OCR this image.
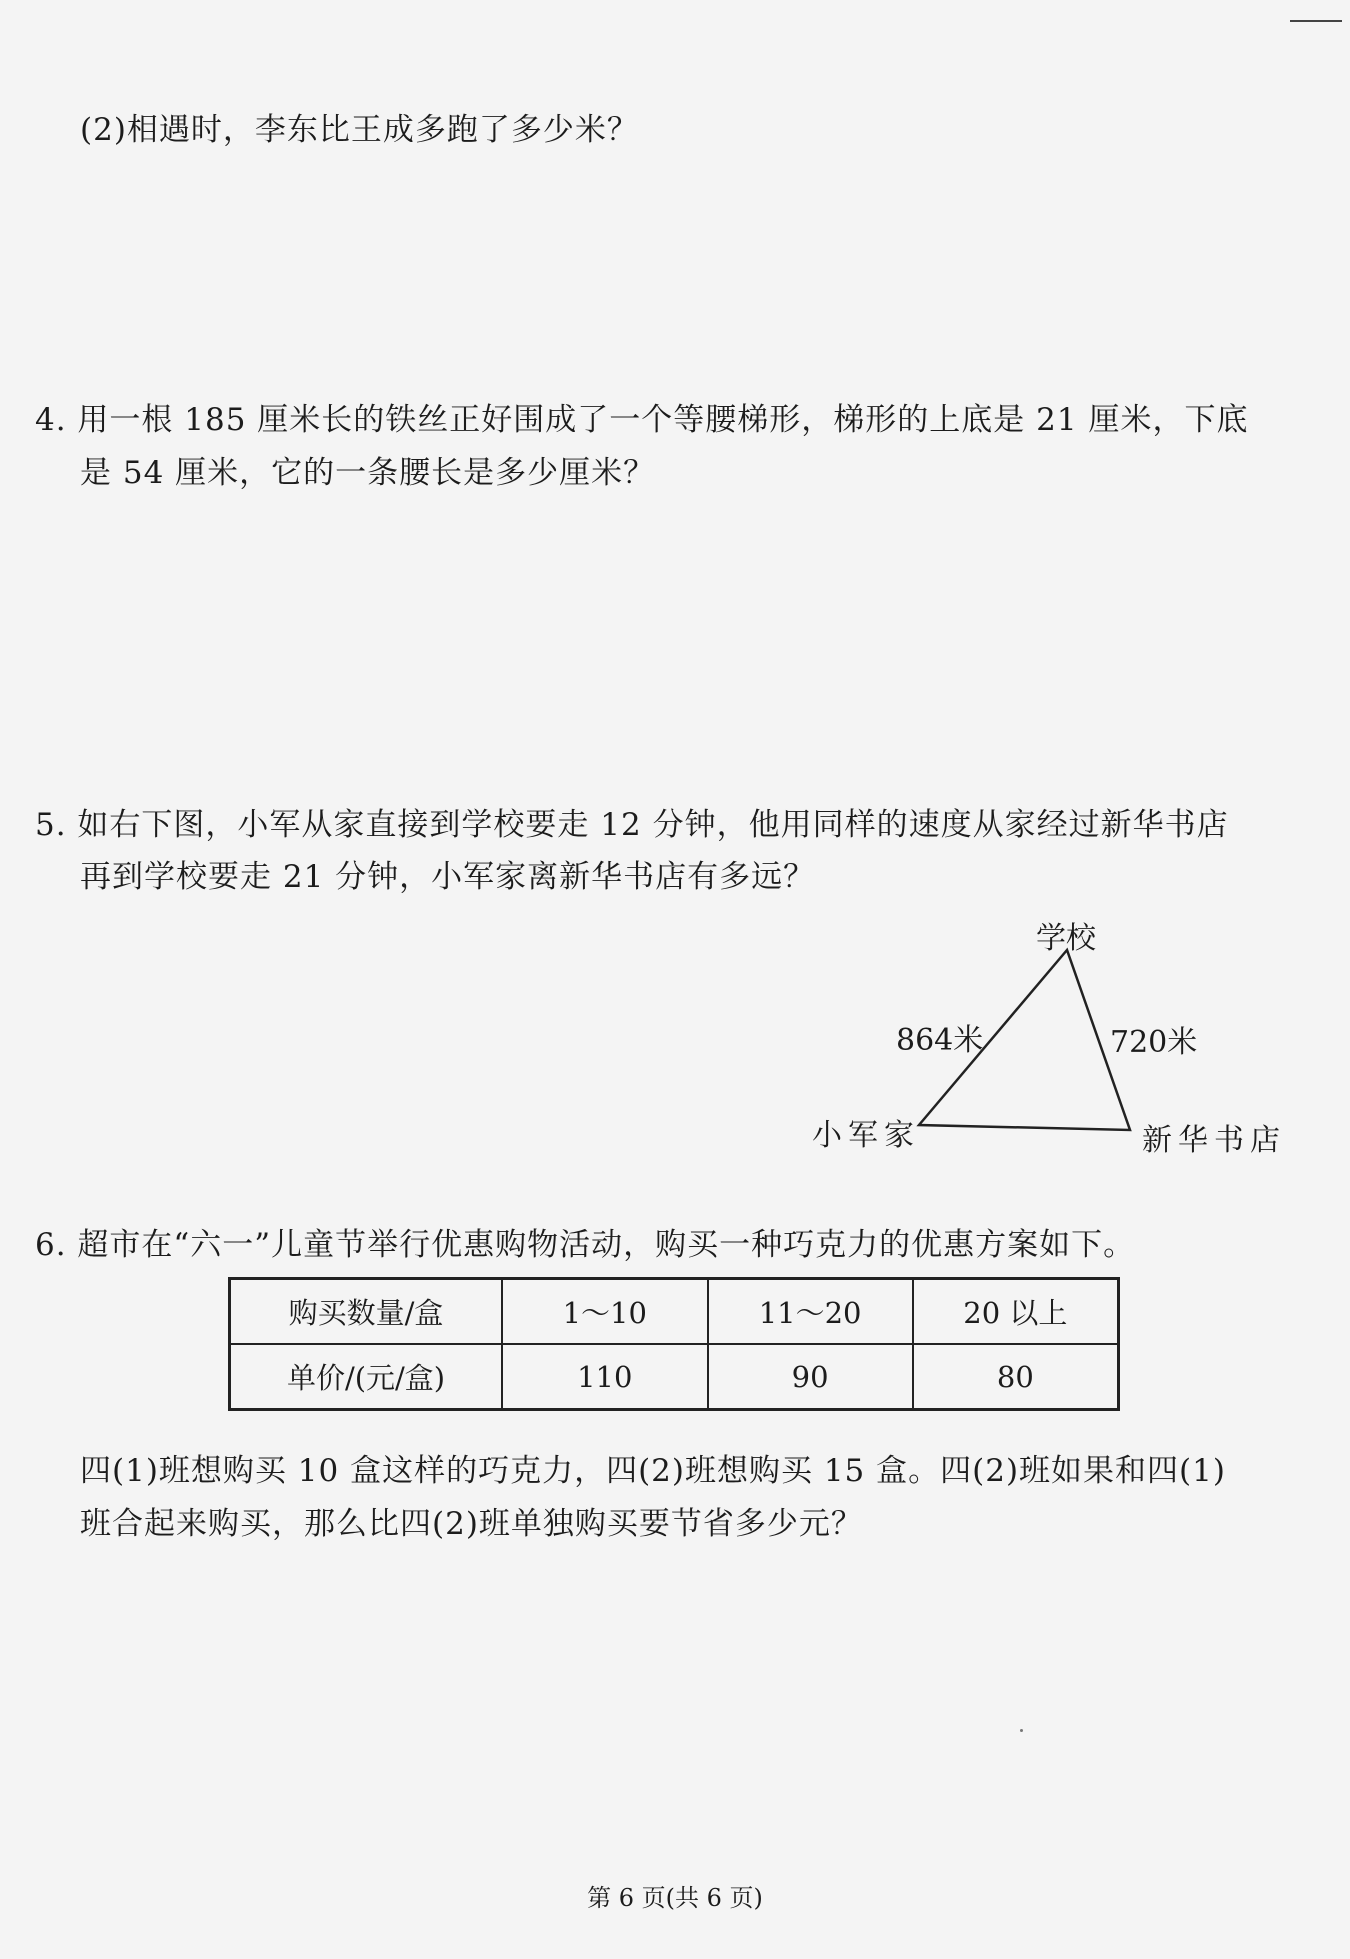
(2)相遇时，李东比王成多跑了多少米？
4. 用一根 185 厘米长的铁丝正好围成了一个等腰梯形，梯形的上底是 21 厘米，下底
是 54 厘米，它的一条腰长是多少厘米？
5. 如右下图，小军从家直接到学校要走 12 分钟，他用同样的速度从家经过新华书店
再到学校要走 21 分钟，小军家离新华书店有多远？
学校
864米	720米
小军家	新华书店
6. 超市在“六一”儿童节举行优惠购物活动，购买一种巧克力的优惠方案如下。
购买数量/盒	1～10	11～20	20 以上
单价/(元/盒)	110	90	80
四(1)班想购买 10 盒这样的巧克力，四(2)班想购买 15 盒。四(2)班如果和四(1)
班合起来购买，那么比四(2)班单独购买要节省多少元？
第 6 页(共 6 页)
